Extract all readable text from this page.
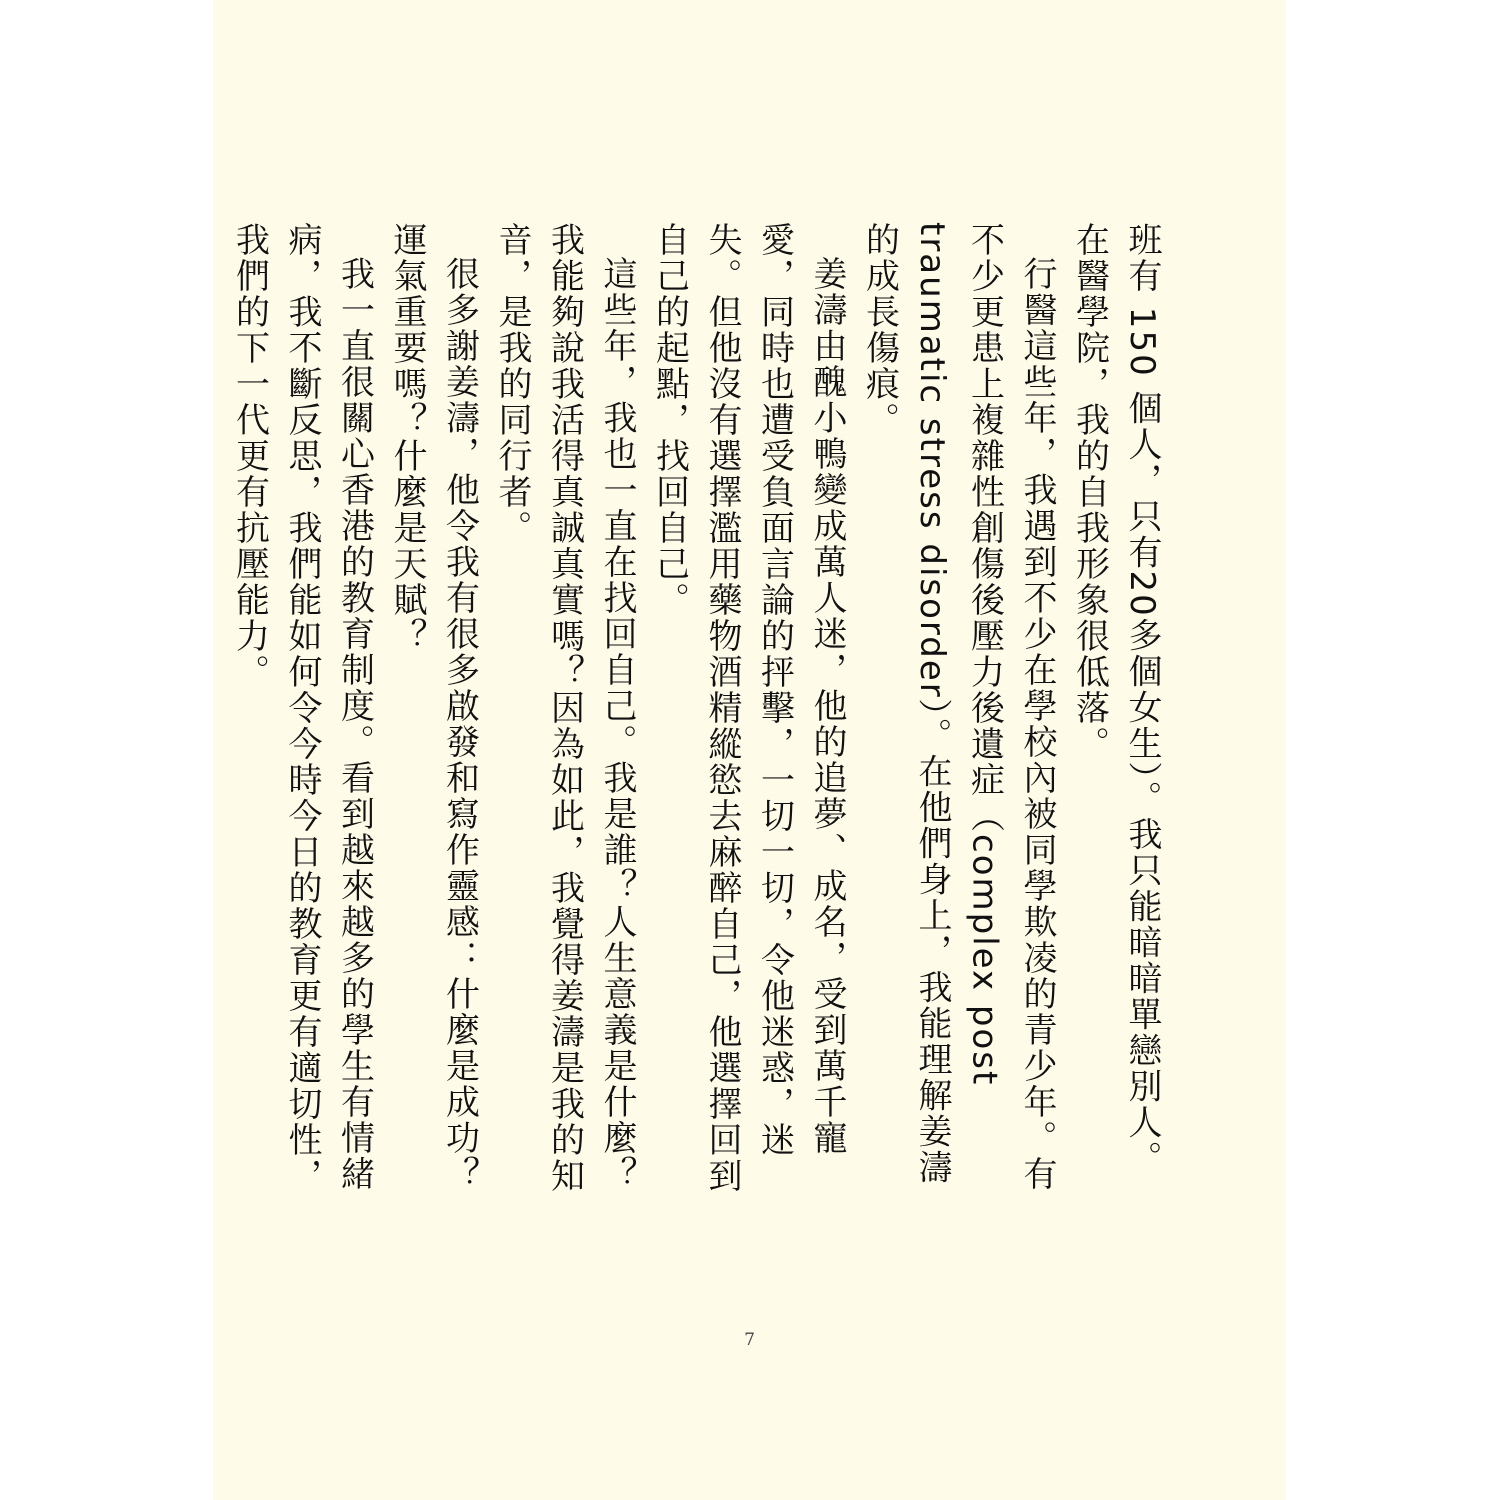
班有 150 個人，只有20多個女生）。我只能暗暗單戀別人。在醫學院，我的自我形象很低落。

行醫這些年，我遇到不少在學校內被同學欺凌的青少年。有不少更患上複雜性創傷後壓力後遺症（complex post traumatic stress disorder）。在他們身上，我能理解姜濤的成長傷痕。

姜濤由醜小鴨變成萬人迷，他的追夢、成名，受到萬千寵愛，同時也遭受負面言論的抨擊，一切一切，令他迷惑，迷失。但他沒有選擇濫用藥物酒精縱慾去麻醉自己，他選擇回到自己的起點，找回自己。

這些年，我也一直在找回自己。我是誰？人生意義是什麼？我能夠說我活得真誠真實嗎？因為如此，我覺得姜濤是我的知音，是我的同行者。

很多謝姜濤，他令我有很多啟發和寫作靈感：什麼是成功？運氣重要嗎？什麼是天賦？

我一直很關心香港的教育制度。看到越來越多的學生有情緒病，我不斷反思，我們能如何令今時今日的教育更有適切性，我們的下一代更有抗壓能力。

7
